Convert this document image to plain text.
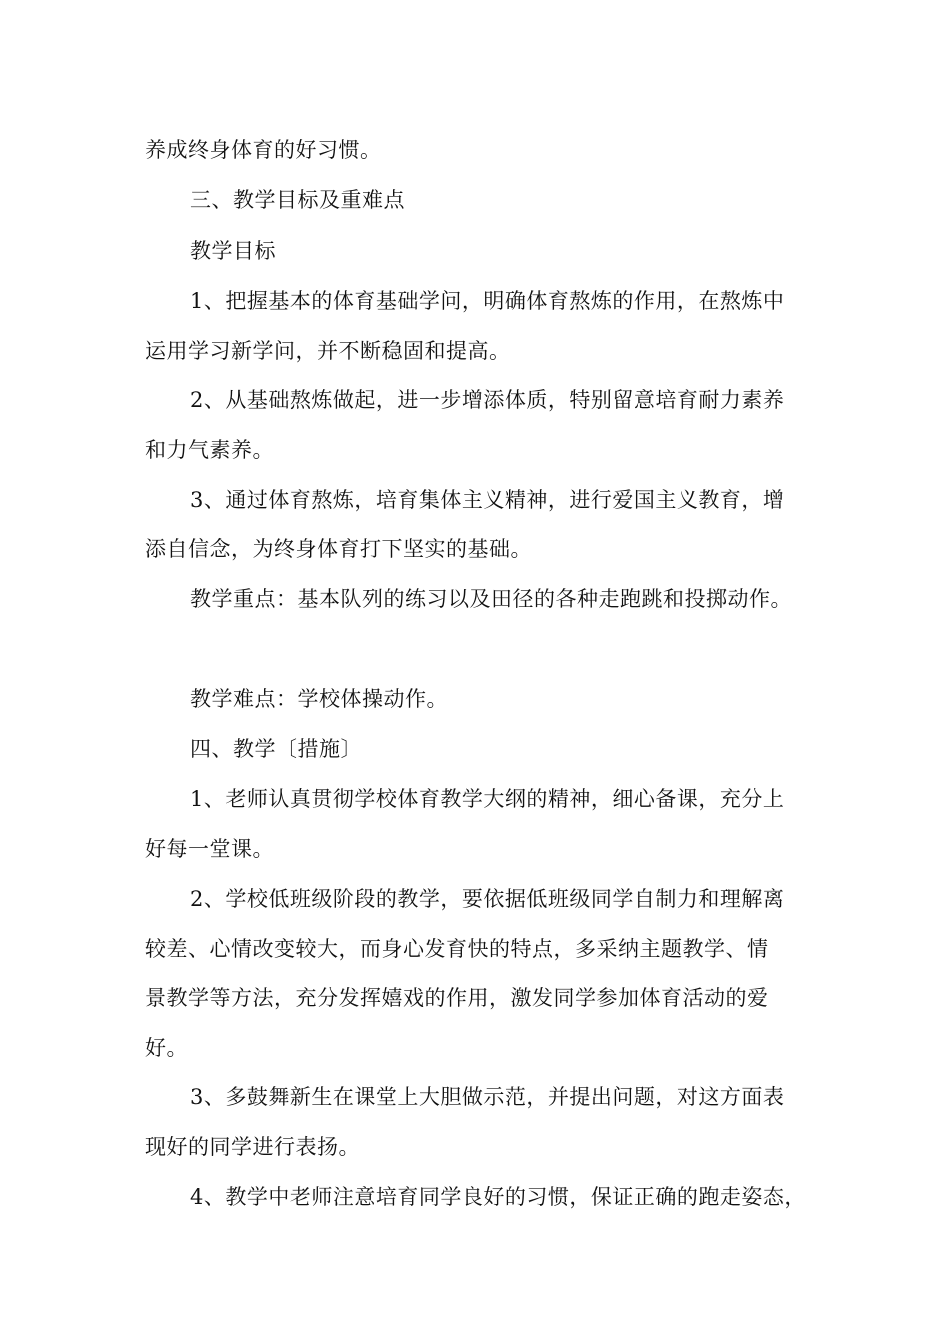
养成终身体育的好习惯。
三、教学目标及重难点
教学目标
1、把握基本的体育基础学问，明确体育熬炼的作用，在熬炼中
运用学习新学问，并不断稳固和提高。
2、从基础熬炼做起，进一步增添体质，特别留意培育耐力素养
和力气素养。
3、通过体育熬炼，培育集体主义精神，进行爱国主义教育，增
添自信念，为终身体育打下坚实的基础。
教学重点：基本队列的练习以及田径的各种走跑跳和投掷动作。
教学难点：学校体操动作。
四、教学〔措施〕
1、老师认真贯彻学校体育教学大纲的精神，细心备课，充分上
好每一堂课。
2、学校低班级阶段的教学，要依据低班级同学自制力和理解离
较差、心情改变较大，而身心发育快的特点，多采纳主题教学、情
景教学等方法，充分发挥嬉戏的作用，激发同学参加体育活动的爱
好。
3、多鼓舞新生在课堂上大胆做示范，并提出问题，对这方面表
现好的同学进行表扬。
4、教学中老师注意培育同学良好的习惯，保证正确的跑走姿态，
